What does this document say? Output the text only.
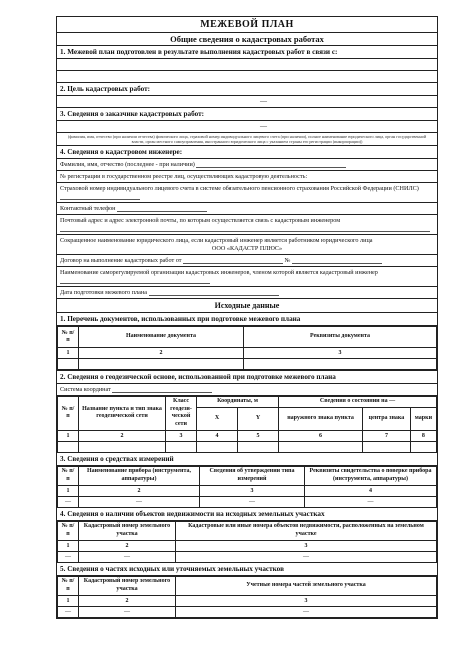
МЕЖЕВОЙ ПЛАН
Общие сведения о кадастровых работах
1. Межевой план подготовлен в результате выполнения кадастровых работ в связи с:
2. Цель кадастровых работ:
—
3. Сведения о заказчике кадастровых работ:
—
(фамилия, имя, отчество (при наличии отчества) физического лица, страховой номер индивидуального лицевого счета (при наличии), полное наименование юридического лица, орган государственной власти, орган местного самоуправления, иностранного юридического лица с указанием страны его регистрации (инкорпорации))
4. Сведения о кадастровом инженере:
Фамилия, имя, отчество (последнее - при наличии)
№ регистрации в государственном реестре лиц, осуществляющих кадастровую деятельность:
Страховой номер индивидуального лицевого счета в системе обязательного пенсионного страхования Российской Федерации (СНИЛС)
Контактный телефон
Почтовый адрес и адрес электронной почты, по которым осуществляется связь с кадастровым инженером

Сокращенное наименование юридического лица, если кадастровый инженер является работником юридического лица
ООО «КАДАСТР ПЛЮС»
Договор на выполнение кадастровых работ от	№
Наименование саморегулируемой организации кадастровых инженеров, членом которой является кадастровый инженер
Дата подготовки межевого плана
Исходные данные
1. Перечень документов, использованных при подготовке межевого плана
№ п/п	Наименование документа	Реквизиты документа
1	2	3

2. Сведения о геодезической основе, использованной при подготовке межевого плана
Система координат
№ п/п	Название пункта и тип знака геодезической сети	Класс геодези- ческой сети	Координаты, м		Сведения о состоянии на —		
			X	Y	наружного знака пункта	центра знака	марки
1	2	3	4	5	6	7	8

3. Сведения о средствах измерений
№ п/п	Наименование прибора (инструмента, аппаратуры)	Сведения об утверждении типа измерений	Реквизиты свидетельства о поверке прибора (инструмента, аппаратуры)
1	2	3	4
—	—	—	—
4. Сведения о наличии объектов недвижимости на исходных земельных участках
№ п/п	Кадастровый номер земельного участка	Кадастровые или иные номера объектов недвижимости, расположенных на земельном участке
1	2	3
—	—	—
5. Сведения о частях исходных или уточняемых земельных участков
№ п/п	Кадастровый номер земельного участка	Учетные номера частей земельного участка
1	2	3
—	—	—
